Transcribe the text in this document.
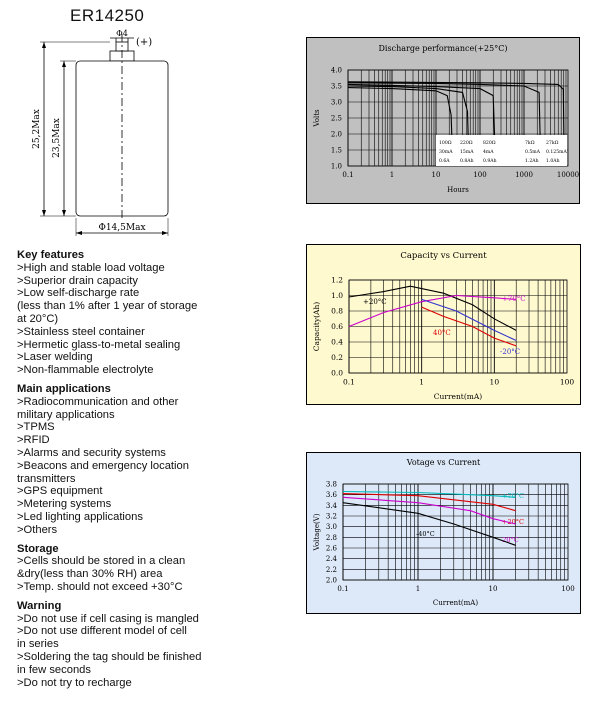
ER14250
Φ4
(+)
25,2Max 23,5Max
Φ14,5Max
Key features
>High and stable load voltage
>Superior drain capacity
>Low self-discharge rate
(less than 1% after 1 year of storage
at 20°C)
>Stainless steel container
>Hermetic glass-to-metal sealing
>Laser welding
>Non-flammable electrolyte
Main applications
>Radiocommunication and other
military applications
>TPMS
>RFID
>Alarms and security systems
>Beacons and emergency location
transmitters
>GPS equipment
>Metering systems
>Led lighting applications
>Others
Storage
>Cells should be stored in a clean
&dry(less than 30% RH) area
>Temp. should not exceed +30°C
Warning
>Do not use if cell casing is mangled
>Do not use different model of cell
in series
>Soldering the tag should be finished
in few seconds
>Do not try to recharge
1.0
1.5
2.0
2.5
3.0
3.5
4.0
0.1	1	10	100	1000	10000
Discharge performance(+25°C)
Hours
Volts
100Ω 220Ω 820Ω	7kΩ 27kΩ
30mA 15mA 4mA	0.5mA 0.125mA
0.6A 0.8Ah 0.9Ah	1.2Ah 1.0Ah
0.0
0.2
0.4
0.6
0.8
1.0
1.2
0.1	1	10	100
Capacity vs Current
Current(mA)
Capacity(Ah)	+20°C	+70°C
40°C
-20°C
2.0
2.2
2.4
2.6
2.8
3.0
3.2
3.4
3.6
3.8
0.1	1	10	100
Votage vs Current
Current(mA)
Voltage(V)
+70°C
+20°C
-20°C
-40°C
